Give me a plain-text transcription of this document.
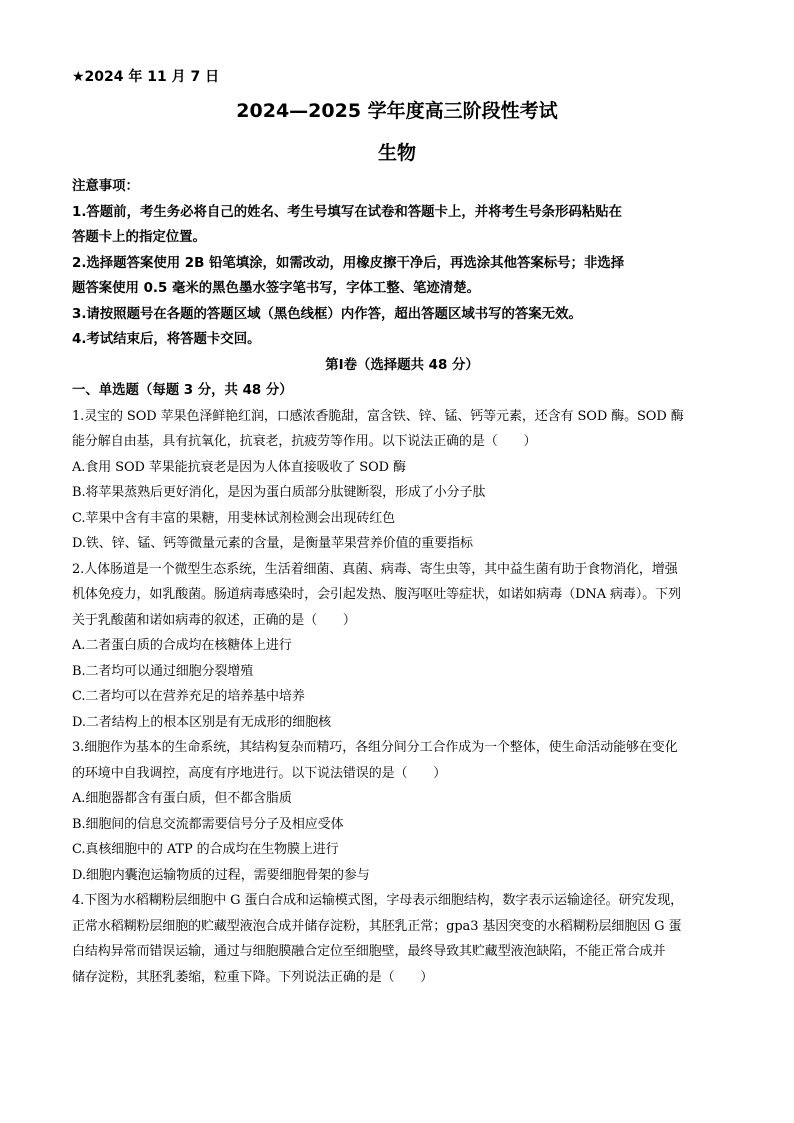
★2024 年 11 月 7 日
2024—2025 学年度高三阶段性考试
生物
注意事项：
1.答题前，考生务必将自己的姓名、考生号填写在试卷和答题卡上，并将考生号条形码粘贴在
答题卡上的指定位置。
2.选择题答案使用 2B 铅笔填涂，如需改动，用橡皮擦干净后，再选涂其他答案标号；非选择
题答案使用 0.5 毫米的黑色墨水签字笔书写，字体工整、笔迹清楚。
3.请按照题号在各题的答题区域（黑色线框）内作答，超出答题区域书写的答案无效。
4.考试结束后，将答题卡交回。
第Ⅰ卷（选择题共 48 分）
一、单选题（每题 3 分，共 48 分）
1.灵宝的 SOD 苹果色泽鲜艳红润，口感浓香脆甜，富含铁、锌、锰、钙等元素，还含有 SOD 酶。SOD 酶
能分解自由基，具有抗氧化，抗衰老，抗疲劳等作用。以下说法正确的是（　　）
A.食用 SOD 苹果能抗衰老是因为人体直接吸收了 SOD 酶
B.将苹果蒸熟后更好消化，是因为蛋白质部分肽键断裂，形成了小分子肽
C.苹果中含有丰富的果糖，用斐林试剂检测会出现砖红色
D.铁、锌、锰、钙等微量元素的含量，是衡量苹果营养价值的重要指标
2.人体肠道是一个微型生态系统，生活着细菌、真菌、病毒、寄生虫等，其中益生菌有助于食物消化，增强
机体免疫力，如乳酸菌。肠道病毒感染时，会引起发热、腹泻呕吐等症状，如诺如病毒（DNA 病毒）。下列
关于乳酸菌和诺如病毒的叙述，正确的是（　　）
A.二者蛋白质的合成均在核糖体上进行
B.二者均可以通过细胞分裂增殖
C.二者均可以在营养充足的培养基中培养
D.二者结构上的根本区别是有无成形的细胞核
3.细胞作为基本的生命系统，其结构复杂而精巧，各组分间分工合作成为一个整体，使生命活动能够在变化
的环境中自我调控，高度有序地进行。以下说法错误的是（　　）
A.细胞器都含有蛋白质，但不都含脂质
B.细胞间的信息交流都需要信号分子及相应受体
C.真核细胞中的 ATP 的合成均在生物膜上进行
D.细胞内囊泡运输物质的过程，需要细胞骨架的参与
4.下图为水稻糊粉层细胞中 G 蛋白合成和运输模式图，字母表示细胞结构，数字表示运输途径。研究发现，
正常水稻糊粉层细胞的贮藏型液泡合成并储存淀粉，其胚乳正常；gpa3 基因突变的水稻糊粉层细胞因 G 蛋
白结构异常而错误运输，通过与细胞膜融合定位至细胞壁，最终导致其贮藏型液泡缺陷，不能正常合成并
储存淀粉，其胚乳萎缩，粒重下降。下列说法正确的是（　　）
